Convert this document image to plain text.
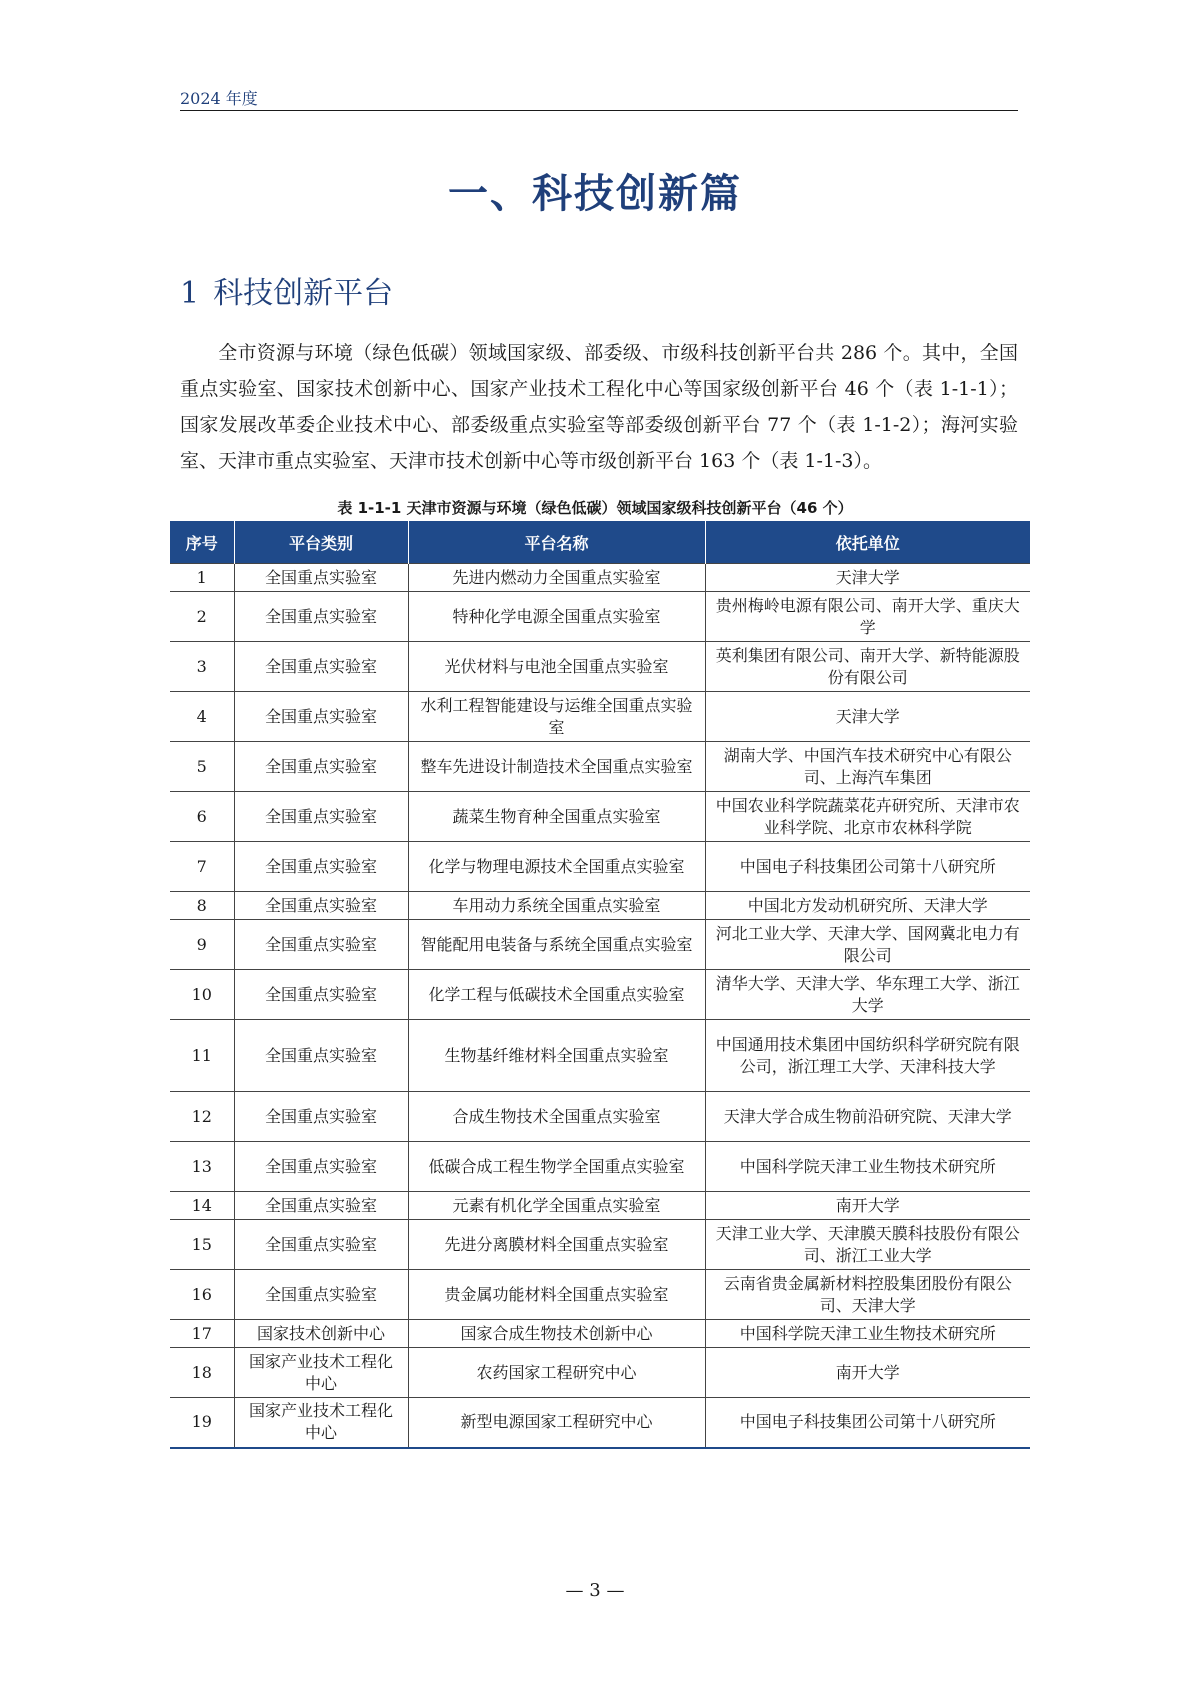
2024 年度
一、科技创新篇
1 科技创新平台
全市资源与环境（绿色低碳）领域国家级、部委级、市级科技创新平台共 286 个。其中，全国重点实验室、国家技术创新中心、国家产业技术工程化中心等国家级创新平台 46 个（表 1-1-1）；国家发展改革委企业技术中心、部委级重点实验室等部委级创新平台 77 个（表 1-1-2）；海河实验室、天津市重点实验室、天津市技术创新中心等市级创新平台 163 个（表 1-1-3）。
表 1-1-1 天津市资源与环境（绿色低碳）领域国家级科技创新平台（46 个）
序号	平台类别	平台名称	依托单位
1	全国重点实验室	先进内燃动力全国重点实验室	天津大学
2	全国重点实验室	特种化学电源全国重点实验室	贵州梅岭电源有限公司、南开大学、重庆大学
3	全国重点实验室	光伏材料与电池全国重点实验室	英利集团有限公司、南开大学、新特能源股份有限公司
4	全国重点实验室	水利工程智能建设与运维全国重点实验室	天津大学
5	全国重点实验室	整车先进设计制造技术全国重点实验室	湖南大学、中国汽车技术研究中心有限公司、上海汽车集团
6	全国重点实验室	蔬菜生物育种全国重点实验室	中国农业科学院蔬菜花卉研究所、天津市农业科学院、北京市农林科学院
7	全国重点实验室	化学与物理电源技术全国重点实验室	中国电子科技集团公司第十八研究所
8	全国重点实验室	车用动力系统全国重点实验室	中国北方发动机研究所、天津大学
9	全国重点实验室	智能配用电装备与系统全国重点实验室	河北工业大学、天津大学、国网冀北电力有限公司
10	全国重点实验室	化学工程与低碳技术全国重点实验室	清华大学、天津大学、华东理工大学、浙江大学
11	全国重点实验室	生物基纤维材料全国重点实验室	中国通用技术集团中国纺织科学研究院有限公司，浙江理工大学、天津科技大学
12	全国重点实验室	合成生物技术全国重点实验室	天津大学合成生物前沿研究院、天津大学
13	全国重点实验室	低碳合成工程生物学全国重点实验室	中国科学院天津工业生物技术研究所
14	全国重点实验室	元素有机化学全国重点实验室	南开大学
15	全国重点实验室	先进分离膜材料全国重点实验室	天津工业大学、天津膜天膜科技股份有限公司、浙江工业大学
16	全国重点实验室	贵金属功能材料全国重点实验室	云南省贵金属新材料控股集团股份有限公司、天津大学
17	国家技术创新中心	国家合成生物技术创新中心	中国科学院天津工业生物技术研究所
18	国家产业技术工程化中心	农药国家工程研究中心	南开大学
19	国家产业技术工程化中心	新型电源国家工程研究中心	中国电子科技集团公司第十八研究所
— 3 —
